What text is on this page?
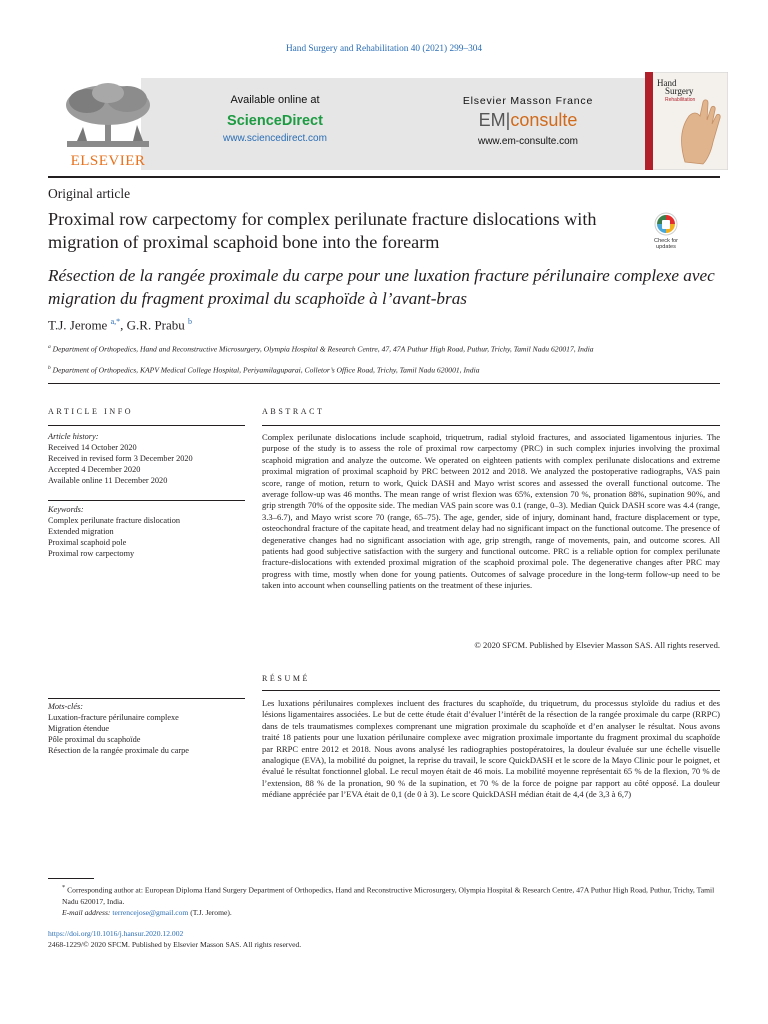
Hand Surgery and Rehabilitation 40 (2021) 299–304
ELSEVIER
Available online at
ScienceDirect
www.sciencedirect.com
Elsevier Masson France
EM|consulte
www.em-consulte.com
Hand
Surgery
Rehabilitation
Original article
Proximal row carpectomy for complex perilunate fracture dislocations with migration of proximal scaphoid bone into the forearm	Check for updates
Résection de la rangée proximale du carpe pour une luxation fracture périlunaire complexe avec migration du fragment proximal du scaphoïde à l’avant-bras
T.J. Jerome $^{a,*}$, G.R. Prabu $^b$
$^a$ Department of Orthopedics, Hand and Reconstructive Microsurgery, Olympia Hospital & Research Centre, 47, 47A Puthur High Road, Puthur, Trichy, Tamil Nadu 620017, India
$^b$ Department of Orthopedics, KAPV Medical College Hospital, Periyamilaguparai, Colletor’s Office Road, Trichy, Tamil Nadu 620001, India
ARTICLE INFO	ABSTRACT
Article history:
Received 14 October 2020
Received in revised form 3 December 2020
Accepted 4 December 2020
Available online 11 December 2020
Keywords:
Complex perilunate fracture dislocation
Extended migration
Proximal scaphoid pole
Proximal row carpectomy
Complex perilunate dislocations include scaphoid, triquetrum, radial styloid fractures, and associated ligamentous injuries. The purpose of the study is to assess the role of proximal row carpectomy (PRC) in such complex injuries involving the proximal scaphoid migration and analyze the outcome. We operated on eighteen patients with complex perilunate dislocations and extreme proximal migration of proximal scaphoid by PRC between 2012 and 2018. We analyzed the postoperative radiographs, VAS pain score, range of motion, return to work, Quick DASH and Mayo wrist scores and assessed the overall functional outcome. The average follow-up was 46 months. The mean range of wrist flexion was 65%, extension 70 %, pronation 88%, supination 90%, and grip strength 70% of the opposite side. The median VAS pain score was 0.1 (range, 0–3). Median Quick DASH score was 4.4 (range, 3.3–6.7), and Mayo wrist score 70 (range, 65–75). The age, gender, side of injury, dominant hand, fracture displacement or type, osteochondral fracture of the capitate head, and treatment delay had no significant impact on the functional outcome. The presence of degenerative changes had no significant association with age, grip strength, range of movements, pain, and outcome scores. All patients had good subjective satisfaction with the surgery and functional outcome. PRC is a reliable option for complex perilunate fracture-dislocations with extended proximal migration of the scaphoid proximal pole. The degenerative changes after PRC may progress with time, mostly when done for young patients. Outcomes of salvage procedure in the long-term follow-up need to be taken into account when counselling patients on the treatment of these injuries.
© 2020 SFCM. Published by Elsevier Masson SAS. All rights reserved.
RÉSUMÉ
Mots-clés:
Luxation-fracture périlunaire complexe
Migration étendue
Pôle proximal du scaphoïde
Résection de la rangée proximale du carpe
Les luxations périlunaires complexes incluent des fractures du scaphoïde, du triquetrum, du processus styloïde du radius et des lésions ligamentaires associées. Le but de cette étude était d’évaluer l’intérêt de la résection de la rangée proximale du carpe (RRPC) dans de tels traumatismes complexes comprenant une migration proximale du scaphoïde et d’en analyser le résultat. Nous avons traité 18 patients pour une luxation périlunaire complexe avec migration proximale importante du fragment proximal du scaphoïde par RRPC entre 2012 et 2018. Nous avons analysé les radiographies postopératoires, la douleur évaluée sur une échelle visuelle analogique (EVA), la mobilité du poignet, la reprise du travail, le score QuickDASH et le score de la Mayo Clinic pour le poignet, et évalué le résultat fonctionnel global. Le recul moyen était de 46 mois. La mobilité moyenne représentait 65 % de la flexion, 70 % de l’extension, 88 % de la pronation, 90 % de la supination, et 70 % de la force de poigne par rapport au côté opposé. La douleur médiane appréciée par l’EVA était de 0,1 (de 0 à 3). Le score QuickDASH médian était de 4,4 (de 3,3 à 6,7)
* Corresponding author at: European Diploma Hand Surgery Department of Orthopedics, Hand and Reconstructive Microsurgery, Olympia Hospital & Research Centre, 47A Puthur High Road, Puthur, Trichy, Tamil Nadu 620017, India.
E-mail address: terrencejose@gmail.com (T.J. Jerome).
https://doi.org/10.1016/j.hansur.2020.12.002
2468-1229/© 2020 SFCM. Published by Elsevier Masson SAS. All rights reserved.
